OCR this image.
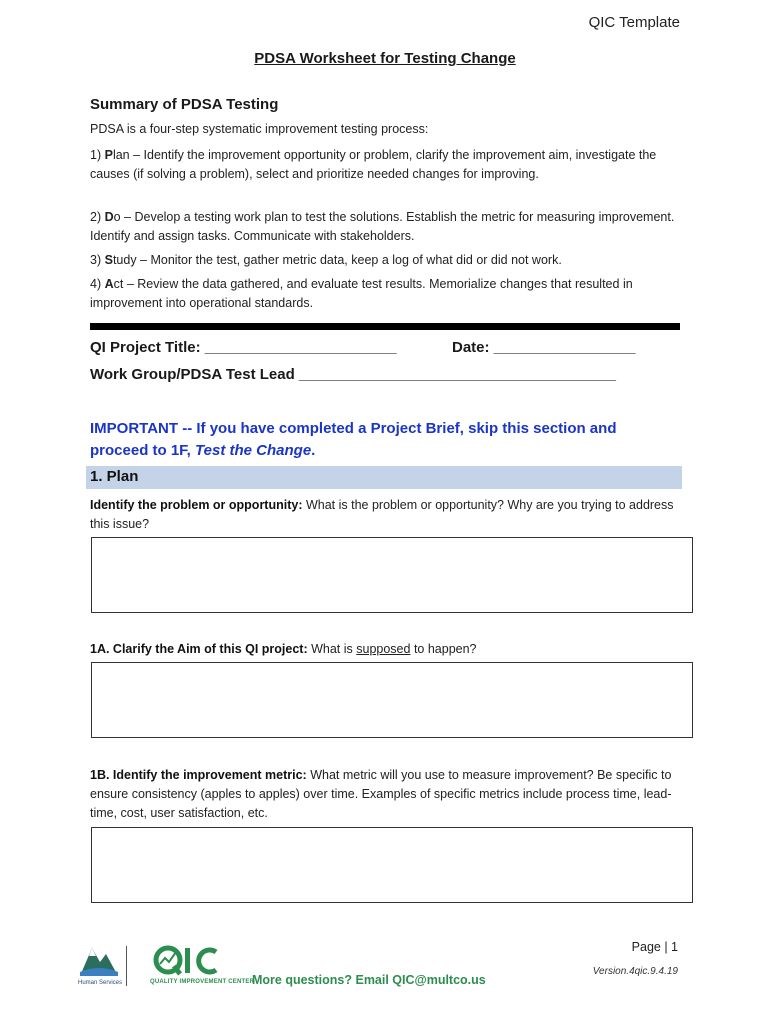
QIC Template
PDSA Worksheet for Testing Change
Summary of PDSA Testing
PDSA is a four-step systematic improvement testing process:
1) Plan – Identify the improvement opportunity or problem, clarify the improvement aim, investigate the causes (if solving a problem), select and prioritize needed changes for improving.
2) Do – Develop a testing work plan to test the solutions. Establish the metric for measuring improvement. Identify and assign tasks. Communicate with stakeholders.
3) Study – Monitor the test, gather metric data, keep a log of what did or did not work.
4) Act – Review the data gathered, and evaluate test results. Memorialize changes that resulted in improvement into operational standards.
QI Project Title: _______________________	Date: _________________
Work Group/PDSA Test Lead ______________________________________
IMPORTANT -- If you have completed a Project Brief, skip this section and proceed to 1F, Test the Change.
1. Plan
Identify the problem or opportunity: What is the problem or opportunity? Why are you trying to address this issue?
1A. Clarify the Aim of this QI project: What is supposed to happen?
1B. Identify the improvement metric: What metric will you use to measure improvement? Be specific to ensure consistency (apples to apples) over time. Examples of specific metrics include process time, lead-time, cost, user satisfaction, etc.
Page | 1
Version.4qic.9.4.19
Human Services	QUALITY IMPROVEMENT CENTER
More questions? Email QIC@multco.us
